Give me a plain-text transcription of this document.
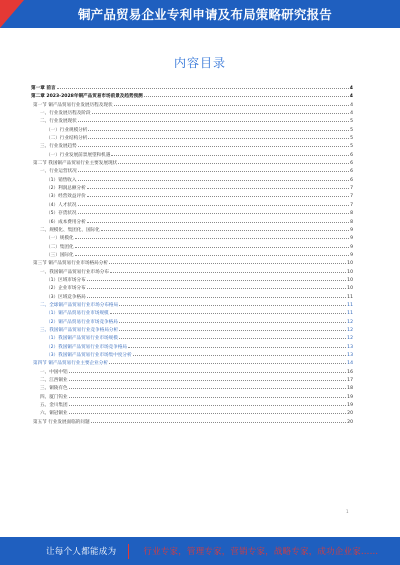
铜产品贸易企业专利申请及布局策略研究报告
内容目录
第一章 前言	4
第二章 2023-2028年铜产品贸易市场前景及趋势预测	4
第一节 铜产品贸易行业发展历程及现状	4
一、行业发展历程及阶段	4
二、行业发展现状	5
（一）行业规模分析	5
（二）行业结构分析	5
三、行业发展趋势	5
（一）行业发展前景展望和机遇	6
第二节 我国铜产品贸易行业主要发展现状	6
一、行业运营状况	6
（1）销售收入	6
（2）利润总额分析	7
（3）经营效益评价	7
（4）人才状况	7
（5）存货状况	8
（6）成本费用分析	8
二、规模化、集团化、国际化	9
（一）规模化	9
（二）集团化	9
（三）国际化	9
第三节 铜产品贸易行业市场格局分析	10
一、我国铜产品贸易行业市场分布	10
（1）区域市场分布	10
（2）企业市场分布	10
（3）区域竞争格局	11
二、全球铜产品贸易行业市场分布格局	11
（1）铜产品贸易行业市场规模	11
（2）铜产品贸易行业市场竞争格局	12
三、我国铜产品贸易行业竞争格局分析	12
（1）我国铜产品贸易行业市场规模	12
（2）我国铜产品贸易行业市场竞争格局	13
（3）我国铜产品贸易行业市场集中度分析	13
第四节 铜产品贸易行业主要企业分析	14
一、中国中铝	16
二、江西铜业	17
三、铜陵有色	18
四、厦门钨业	19
五、金川集团	19
六、铜冠铜业	20
第五节 行业发展面临的问题	20
1
让每个人都能成为	行业专家，管理专家，营销专家，战略专家，成功企业家……
